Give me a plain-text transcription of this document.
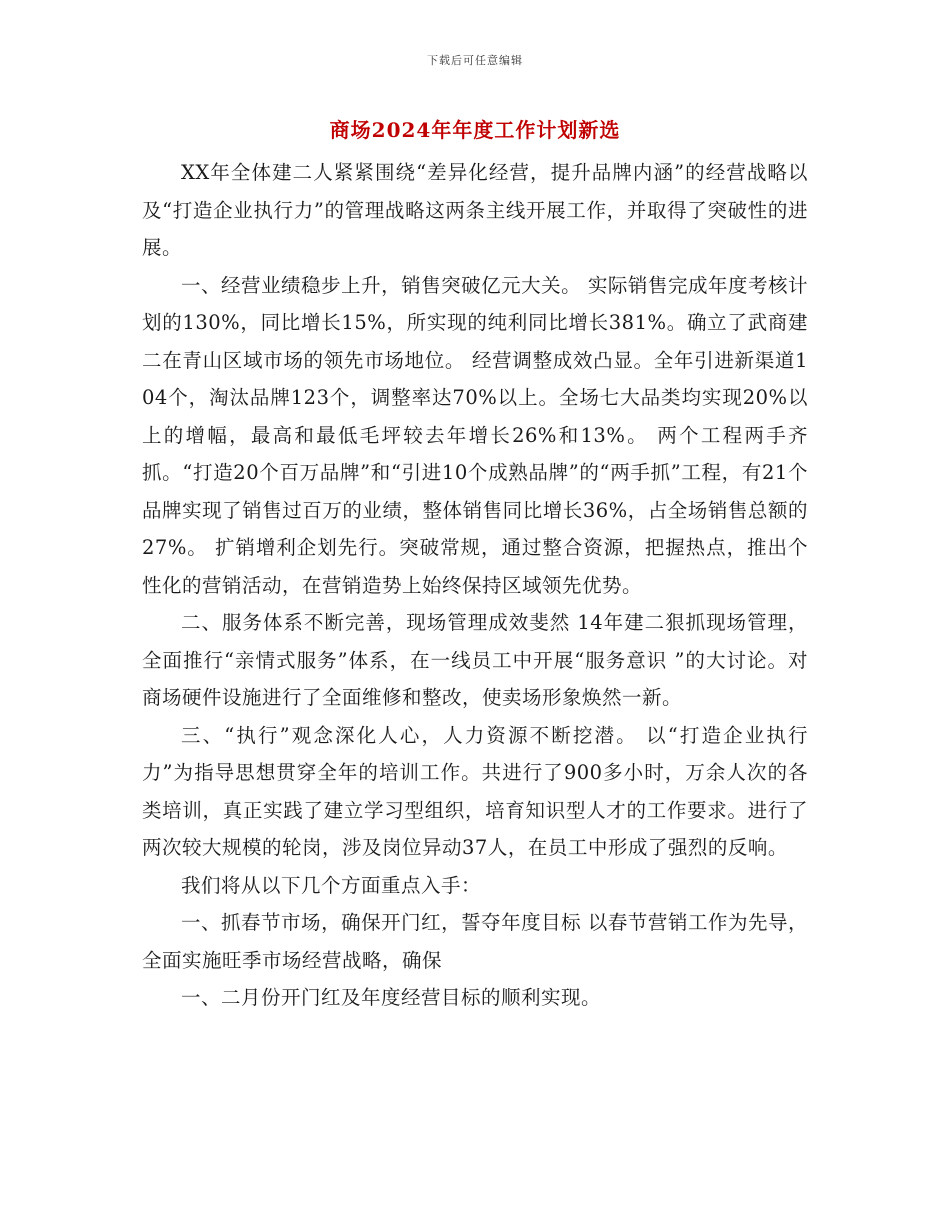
下载后可任意编辑
商场2024年年度工作计划新选

XX年全体建二人紧紧围绕“差异化经营，提升品牌内涵”的经营战略以及“打造企业执行力”的管理战略这两条主线开展工作，并取得了突破性的进展。

一、经营业绩稳步上升，销售突破亿元大关。 实际销售完成年度考核计划的130%，同比增长15%，所实现的纯利同比增长381%。确立了武商建二在青山区域市场的领先市场地位。 经营调整成效凸显。全年引进新渠道104个，淘汰品牌123个，调整率达70%以上。全场七大品类均实现20%以上的增幅，最高和最低毛坪较去年增长26%和13%。 两个工程两手齐抓。“打造20个百万品牌”和“引进10个成熟品牌”的“两手抓”工程，有21个品牌实现了销售过百万的业绩，整体销售同比增长36%，占全场销售总额的27%。 扩销增利企划先行。突破常规，通过整合资源，把握热点，推出个性化的营销活动，在营销造势上始终保持区域领先优势。

二、服务体系不断完善，现场管理成效斐然 14年建二狠抓现场管理，全面推行“亲情式服务”体系，在一线员工中开展“服务意识 ”的大讨论。对商场硬件设施进行了全面维修和整改，使卖场形象焕然一新。

三、“执行”观念深化人心，人力资源不断挖潜。 以“打造企业执行力”为指导思想贯穿全年的培训工作。共进行了900多小时，万余人次的各类培训，真正实践了建立学习型组织，培育知识型人才的工作要求。进行了两次较大规模的轮岗，涉及岗位异动37人，在员工中形成了强烈的反响。

我们将从以下几个方面重点入手：

一、抓春节市场，确保开门红，誓夺年度目标 以春节营销工作为先导，全面实施旺季市场经营战略，确保

一、二月份开门红及年度经营目标的顺利实现。
